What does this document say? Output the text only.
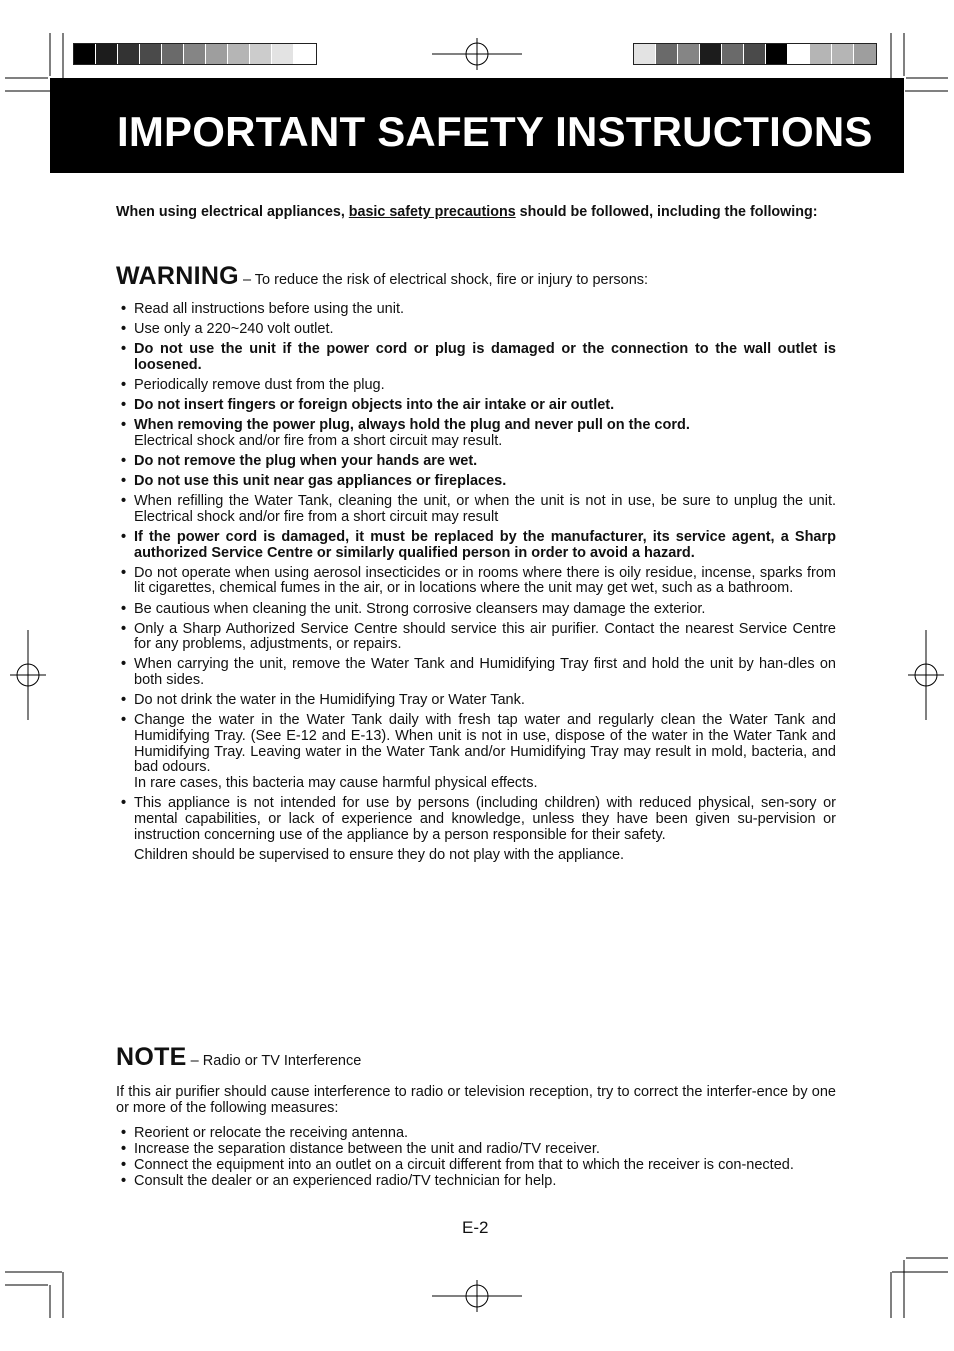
IMPORTANT SAFETY INSTRUCTIONS
When using electrical appliances, basic safety precautions should be followed, including the following:
WARNING – To reduce the risk of electrical shock, fire or injury to persons:
• Read all instructions before using the unit.
• Use only a 220~240 volt outlet.
• Do not use the unit if the power cord or plug is damaged or the connection to the wall outlet is loosened.
• Periodically remove dust from the plug.
• Do not insert fingers or foreign objects into the air intake or air outlet.
• When removing the power plug, always hold the plug and never pull on the cord.
Electrical shock and/or fire from a short circuit may result.
• Do not remove the plug when your hands are wet.
• Do not use this unit near gas appliances or fireplaces.
• When refilling the Water Tank, cleaning the unit, or when the unit is not in use, be sure to unplug the unit. Electrical shock and/or fire from a short circuit may result
• If the power cord is damaged, it must be replaced by the manufacturer, its service agent, a Sharp authorized Service Centre or similarly qualified person in order to avoid a hazard.
• Do not operate when using aerosol insecticides or in rooms where there is oily residue, incense, sparks from lit cigarettes, chemical fumes in the air, or in locations where the unit may get wet, such as a bathroom.
• Be cautious when cleaning the unit. Strong corrosive cleansers may damage the exterior.
• Only a Sharp Authorized Service Centre should service this air purifier. Contact the nearest Service Centre for any problems, adjustments, or repairs.
• When carrying the unit, remove the Water Tank and Humidifying Tray first and hold the unit by han-dles on both sides.
• Do not drink the water in the Humidifying Tray or Water Tank.
• Change the water in the Water Tank daily with fresh tap water and regularly clean the Water Tank and Humidifying Tray. (See E-12 and E-13). When unit is not in use, dispose of the water in the Water Tank and Humidifying Tray. Leaving water in the Water Tank and/or Humidifying Tray may result in mold, bacteria, and bad odours.
In rare cases, this bacteria may cause harmful physical effects.
• This appliance is not intended for use by persons (including children) with reduced physical, sen-sory or mental capabilities, or lack of experience and knowledge, unless they have been given su-pervision or instruction concerning use of the appliance by a person responsible for their safety.
Children should be supervised to ensure they do not play with the appliance.
NOTE – Radio or TV Interference
If this air purifier should cause interference to radio or television reception, try to correct the interfer-ence by one or more of the following measures:
• Reorient or relocate the receiving antenna.
• Increase the separation distance between the unit and radio/TV receiver.
• Connect the equipment into an outlet on a circuit different from that to which the receiver is con-nected.
• Consult the dealer or an experienced radio/TV technician for help.
E-2
